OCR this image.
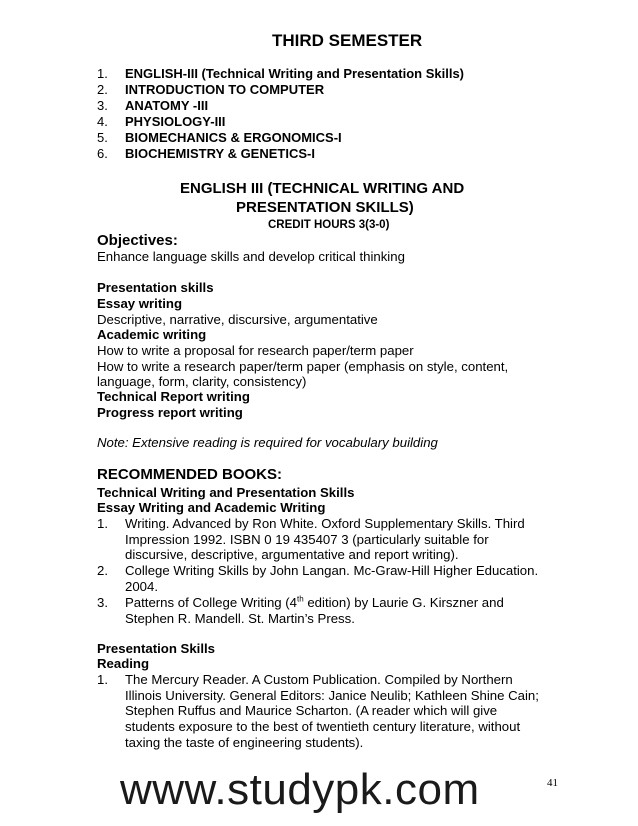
THIRD SEMESTER
1. ENGLISH-III (Technical Writing and Presentation Skills)
2. INTRODUCTION TO COMPUTER
3. ANATOMY -III
4. PHYSIOLOGY-III
5. BIOMECHANICS & ERGONOMICS-I
6. BIOCHEMISTRY & GENETICS-I
ENGLISH III (TECHNICAL WRITING AND
PRESENTATION SKILLS)
CREDIT HOURS 3(3-0)
Objectives:
Enhance language skills and develop critical thinking
Presentation skills
Essay writing
Descriptive, narrative, discursive, argumentative
Academic writing
How to write a proposal for research paper/term paper
How to write a research paper/term paper (emphasis on style, content,
language, form, clarity, consistency)
Technical Report writing
Progress report writing
Note: Extensive reading is required for vocabulary building
RECOMMENDED BOOKS:
Technical Writing and Presentation Skills
Essay Writing and Academic Writing
1. Writing. Advanced by Ron White. Oxford Supplementary Skills. Third
Impression 1992. ISBN 0 19 435407 3 (particularly suitable for
discursive, descriptive, argumentative and report writing).
2. College Writing Skills by John Langan. Mc-Graw-Hill Higher Education.
2004.
3. Patterns of College Writing (4th edition) by Laurie G. Kirszner and
Stephen R. Mandell. St. Martin’s Press.
Presentation Skills
Reading
1. The Mercury Reader. A Custom Publication. Compiled by Northern
Illinois University. General Editors: Janice Neulib; Kathleen Shine Cain;
Stephen Ruffus and Maurice Scharton. (A reader which will give
students exposure to the best of twentieth century literature, without
taxing the taste of engineering students).
www.studypk.com	41
